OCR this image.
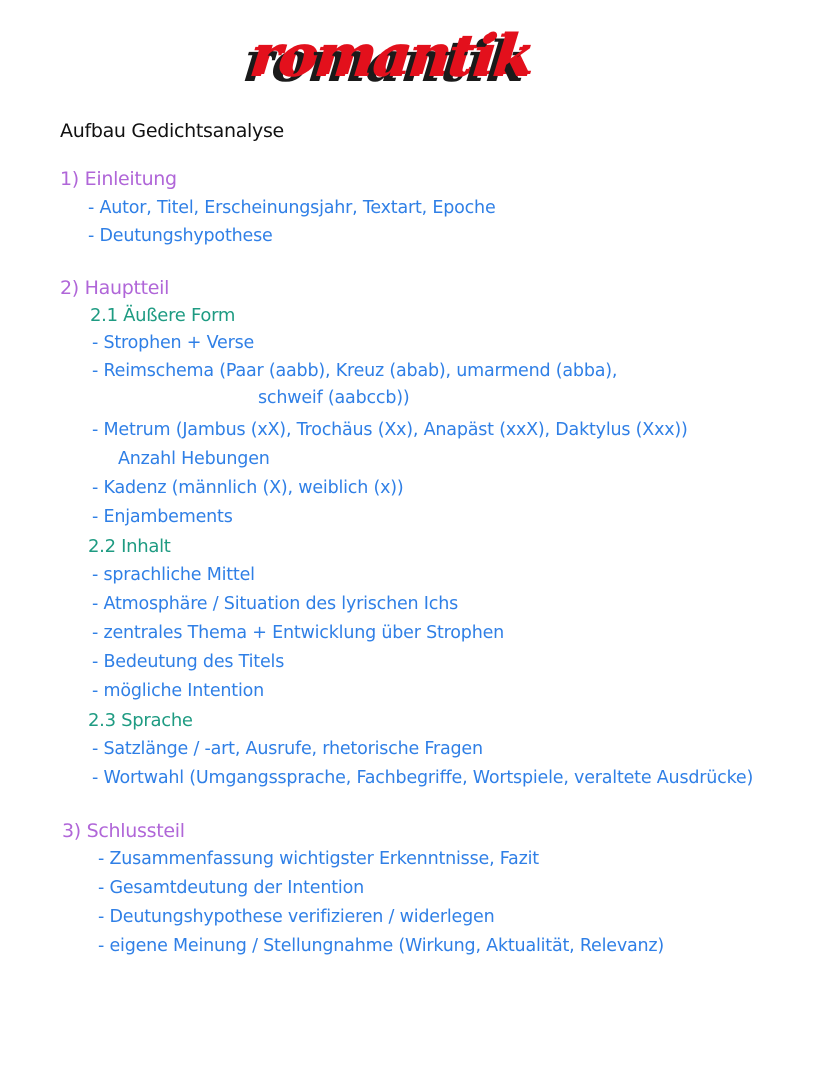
romantik
Aufbau Gedichtsanalyse
1) Einleitung
- Autor, Titel, Erscheinungsjahr, Textart, Epoche
- Deutungshypothese
2) Hauptteil
2.1 Äußere Form
- Strophen + Verse
- Reimschema (Paar (aabb), Kreuz (abab), umarmend (abba),
schweif (aabccb))
- Metrum (Jambus (xX), Trochäus (Xx), Anapäst (xxX), Daktylus (Xxx))
Anzahl Hebungen
- Kadenz (männlich (X), weiblich (x))
- Enjambements
2.2 Inhalt
- sprachliche Mittel
- Atmosphäre / Situation des lyrischen Ichs
- zentrales Thema + Entwicklung über Strophen
- Bedeutung des Titels
- mögliche Intention
2.3 Sprache
- Satzlänge / -art, Ausrufe, rhetorische Fragen
- Wortwahl (Umgangssprache, Fachbegriffe, Wortspiele, veraltete Ausdrücke)
3) Schlussteil
- Zusammenfassung wichtigster Erkenntnisse, Fazit
- Gesamtdeutung der Intention
- Deutungshypothese verifizieren / widerlegen
- eigene Meinung / Stellungnahme (Wirkung, Aktualität, Relevanz)
